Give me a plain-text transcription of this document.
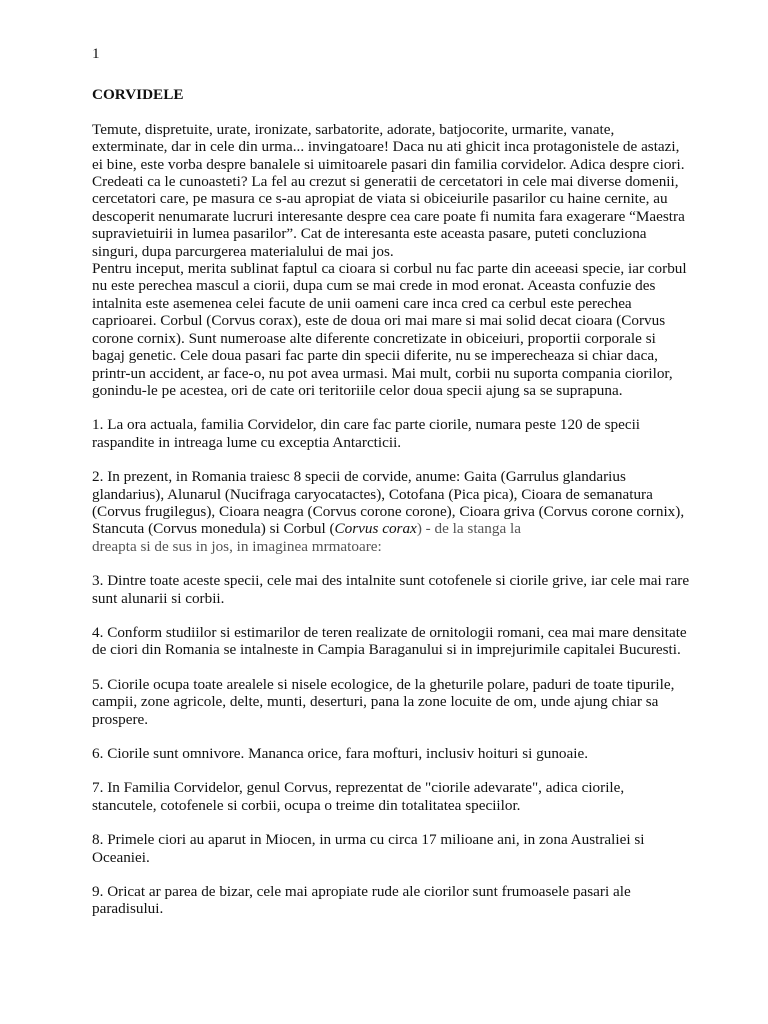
1

CORVIDELE

Temute, dispretuite, urate, ironizate, sarbatorite, adorate, batjocorite, urmarite, vanate, exterminate, dar in cele din urma... invingatoare! Daca nu ati ghicit inca protagonistele de astazi, ei bine, este vorba despre banalele si uimitoarele pasari din familia corvidelor. Adica despre ciori. Credeati ca le cunoasteti? La fel au crezut si generatii de cercetatori in cele mai diverse domenii, cercetatori care, pe masura ce s-au apropiat de viata si obiceiurile pasarilor cu haine cernite, au descoperit nenumarate lucruri interesante despre cea care poate fi numita fara exagerare “Maestra supravietuirii in lumea pasarilor”. Cat de interesanta este aceasta pasare, puteti concluziona singuri, dupa parcurgerea materialului de mai jos.

Pentru inceput, merita sublinat faptul ca cioara si corbul nu fac parte din aceeasi specie, iar corbul nu este perechea mascul a ciorii, dupa cum se mai crede in mod eronat. Aceasta confuzie des intalnita este asemenea celei facute de unii oameni care inca cred ca cerbul este perechea caprioarei. Corbul (Corvus corax), este de doua ori mai mare si mai solid decat cioara (Corvus corone cornix). Sunt numeroase alte diferente concretizate in obiceiuri, proportii corporale si bagaj genetic. Cele doua pasari fac parte din specii diferite, nu se imperecheaza si chiar daca, printr-un accident, ar face-o, nu pot avea urmasi. Mai mult, corbii nu suporta compania ciorilor, gonindu-le pe acestea, ori de cate ori teritoriile celor doua specii ajung sa se suprapuna.

1. La ora actuala, familia Corvidelor, din care fac parte ciorile, numara peste 120 de specii raspandite in intreaga lume cu exceptia Antarcticii.

2. In prezent, in Romania traiesc 8 specii de corvide, anume: Gaita (Garrulus glandarius glandarius), Alunarul (Nucifraga caryocatactes), Cotofana (Pica pica), Cioara de semanatura (Corvus frugilegus), Cioara neagra (Corvus corone corone), Cioara griva (Corvus corone cornix), Stancuta (Corvus monedula) si Corbul (Corvus corax) - de la stanga la
dreapta si de sus in jos, in imaginea mrmatoare:

3. Dintre toate aceste specii, cele mai des intalnite sunt cotofenele si ciorile grive, iar cele mai rare sunt alunarii si corbii.

4. Conform studiilor si estimarilor de teren realizate de ornitologii romani, cea mai mare densitate de ciori din Romania se intalneste in Campia Baraganului si in imprejurimile capitalei Bucuresti.

5. Ciorile ocupa toate arealele si nisele ecologice, de la gheturile polare, paduri de toate tipurile, campii, zone agricole, delte, munti, deserturi, pana la zone locuite de om, unde ajung chiar sa prospere.

6. Ciorile sunt omnivore. Mananca orice, fara mofturi, inclusiv hoituri si gunoaie.

7. In Familia Corvidelor, genul Corvus, reprezentat de "ciorile adevarate", adica ciorile, stancutele, cotofenele si corbii, ocupa o treime din totalitatea speciilor.

8. Primele ciori au aparut in Miocen, in urma cu circa 17 milioane ani, in zona Australiei si Oceaniei.

9. Oricat ar parea de bizar, cele mai apropiate rude ale ciorilor sunt frumoasele pasari ale paradisului.
